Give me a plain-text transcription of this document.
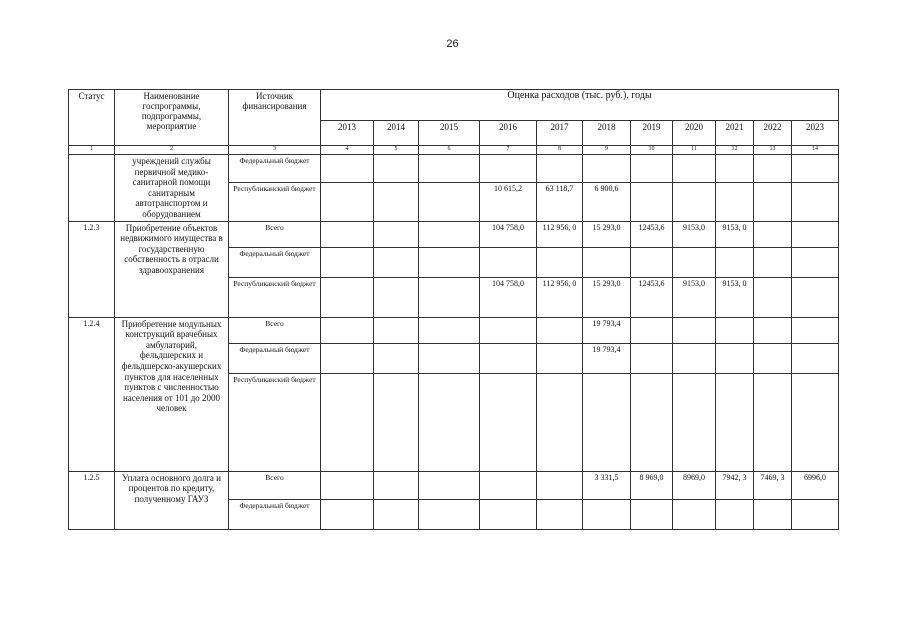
26
Статус	Наименование госпрограммы, подпрограммы, мероприятие	Источник финансирования	Оценка расходов (тыс. руб.), годы										
			2013	2014	2015	2016	2017	2018	2019	2020	2021	2022	2023
1	2	3	4	5	6	7	8	9	10	11	12	13	14
	учреждений службы первичной медико-санитарной помощи санитарным автотранспортом и оборудованием	Федеральный бюджет											
		Республиканский бюджет				10 615,2	63 118,7	6 900,6					
1.2.3	Приобретение объектов недвижимого имущества в государственную собственность в отрасли здравоохранения	Всего				104 758,0	112 956, 0	15 293,0	12453,6	9153,0	9153, 0		
		Федеральный бюджет											
		Республиканский бюджет				104 758,0	112 956, 0	15 293,0	12453,6	9153,0	9153, 0		
1.2.4	Приобретение модульных конструкций врачебных амбулаторий, фельдшерских и фельдшерско-акушерских пунктов для населенных пунктов с численностью населения от 101 до 2000 человек	Всего						19 793,4					
		Федеральный бюджет						19 793,4					
		Республиканский бюджет											
1.2.5	Уплата основного долга и процентов по кредиту, полученному ГАУЗ	Всего						3 331,5	8 969,0	8969,0	7942, 3	7469, 3	6996,0
		Федеральный бюджет											
